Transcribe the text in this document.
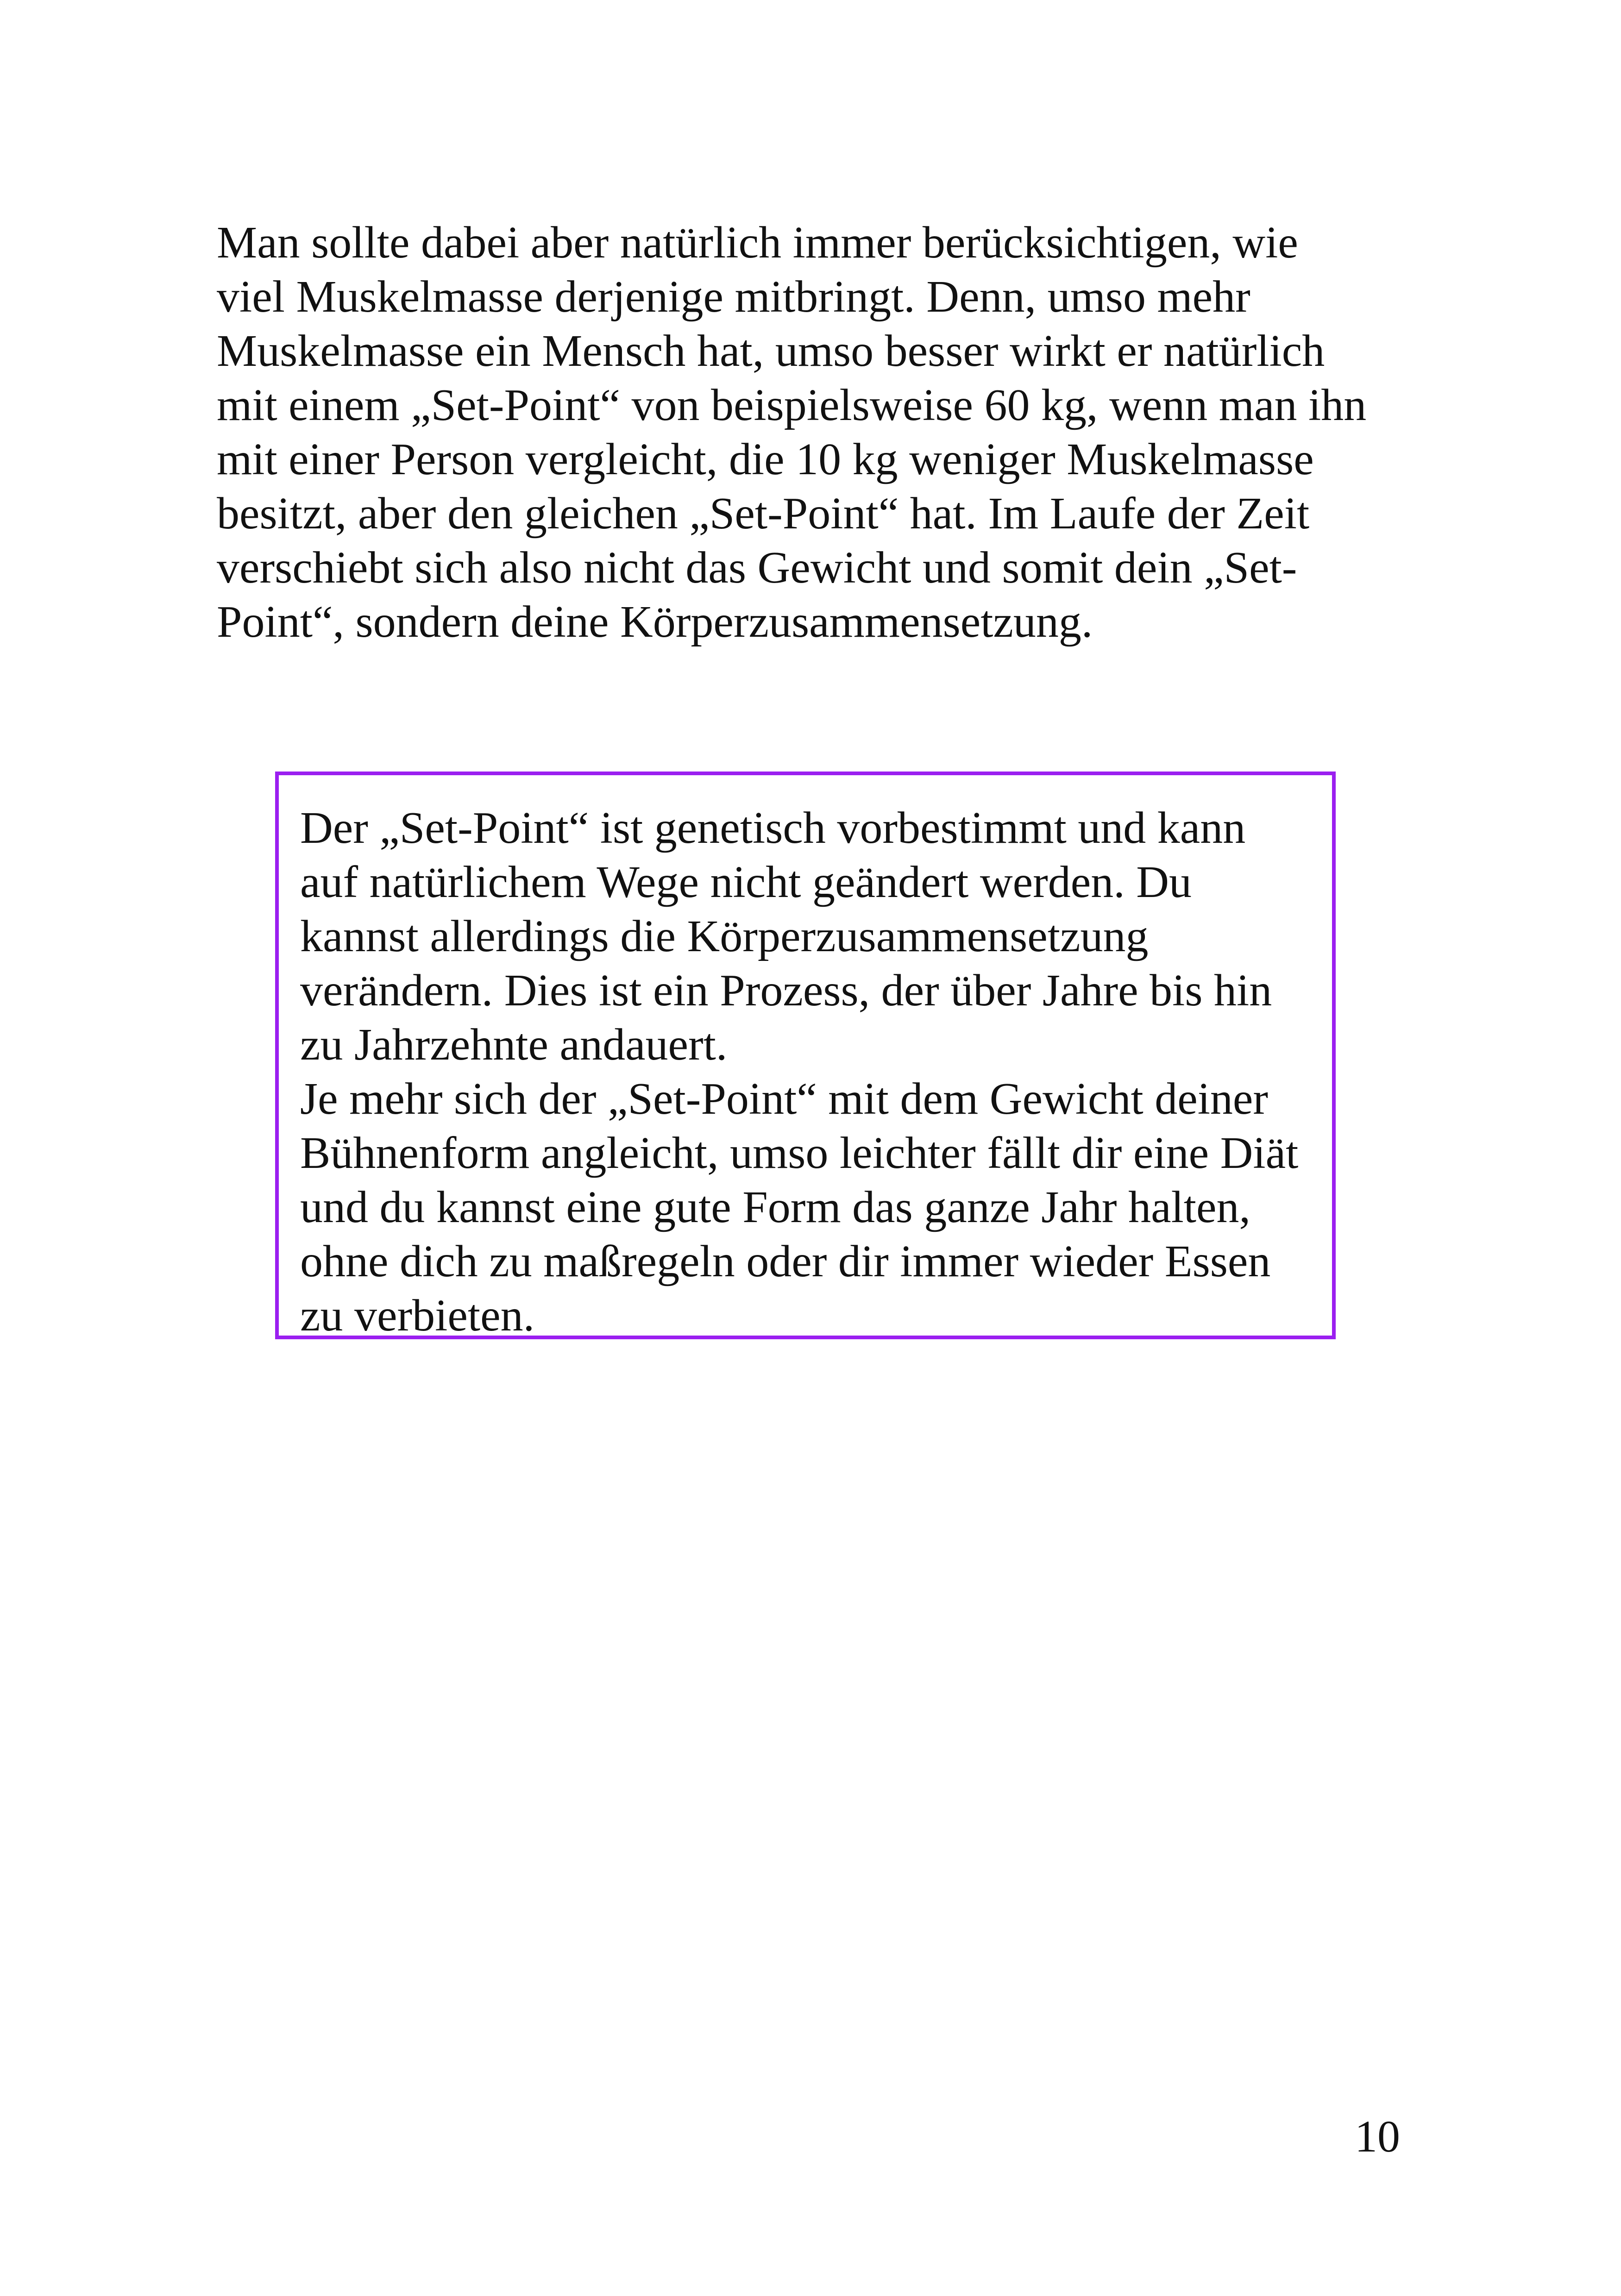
Man sollte dabei aber natürlich immer berücksichtigen, wie
viel Muskelmasse derjenige mitbringt. Denn, umso mehr
Muskelmasse ein Mensch hat, umso besser wirkt er natürlich
mit einem „Set-Point“ von beispielsweise 60 kg, wenn man ihn
mit einer Person vergleicht, die 10 kg weniger Muskelmasse
besitzt, aber den gleichen „Set-Point“ hat. Im Laufe der Zeit
verschiebt sich also nicht das Gewicht und somit dein „Set-
Point“, sondern deine Körperzusammensetzung.

Der „Set-Point“ ist genetisch vorbestimmt und kann
auf natürlichem Wege nicht geändert werden. Du
kannst allerdings die Körperzusammensetzung
verändern. Dies ist ein Prozess, der über Jahre bis hin
zu Jahrzehnte andauert.
Je mehr sich der „Set-Point“ mit dem Gewicht deiner
Bühnenform angleicht, umso leichter fällt dir eine Diät
und du kannst eine gute Form das ganze Jahr halten,
ohne dich zu maßregeln oder dir immer wieder Essen
zu verbieten.

10
